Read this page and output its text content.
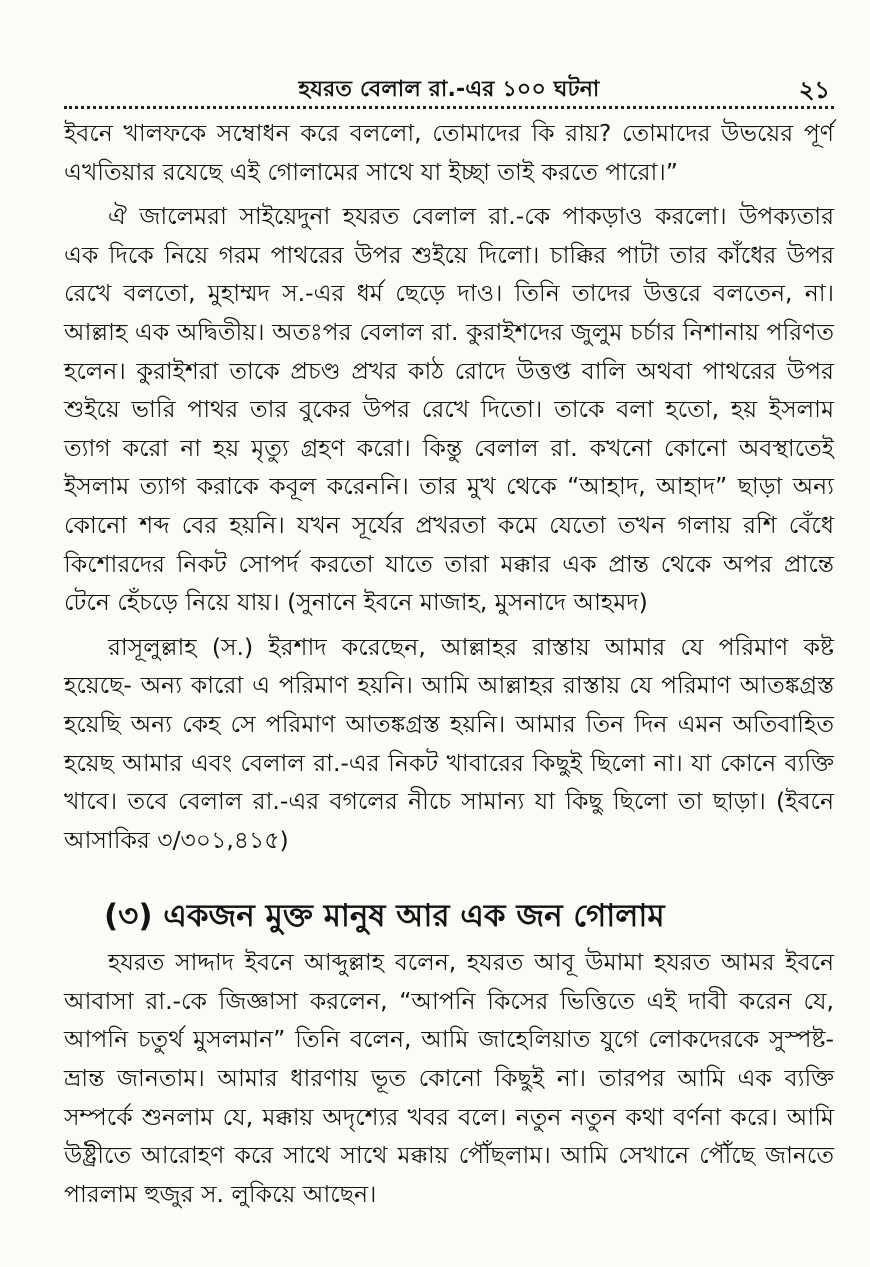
হযরত বেলাল রা.-এর ১০০ ঘটনা	২১

ইবনে খালফকে সম্বোধন করে বললো, তোমাদের কি রায়? তোমাদের উভয়ের পূর্ণ এখতিয়ার রযেছে এই গোলামের সাথে যা ইচ্ছা তাই করতে পারো।”

ঐ জালেমরা সাইয়েদুনা হযরত বেলাল রা.-কে পাকড়াও করলো। উপক্যতার এক দিকে নিয়ে গরম পাথরের উপর শুইয়ে দিলো। চাক্কির পাটা তার কাঁধের উপর রেখে বলতো, মুহাম্মদ স.-এর ধর্ম ছেড়ে দাও। তিনি তাদের উত্তরে বলতেন, না। আল্লাহ এক অদ্বিতীয়। অতঃপর বেলাল রা. কুরাইশদের জুলুম চর্চার নিশানায় পরিণত হলেন। কুরাইশরা তাকে প্রচণ্ড প্রখর কাঠ রোদে উত্তপ্ত বালি অথবা পাথরের উপর শুইয়ে ভারি পাথর তার বুকের উপর রেখে দিতো। তাকে বলা হতো, হয় ইসলাম ত্যাগ করো না হয় মৃত্যু গ্রহণ করো। কিন্তু বেলাল রা. কখনো কোনো অবস্থাতেই ইসলাম ত্যাগ করাকে কবূল করেননি। তার মুখ থেকে “আহাদ, আহাদ” ছাড়া অন্য কোনো শব্দ বের হয়নি। যখন সূর্যের প্রখরতা কমে যেতো তখন গলায় রশি বেঁধে কিশোরদের নিকট সোপর্দ করতো যাতে তারা মক্কার এক প্রান্ত থেকে অপর প্রান্তে টেনে হেঁচড়ে নিয়ে যায়। (সুনানে ইবনে মাজাহ, মুসনাদে আহমদ)

রাসূলুল্লাহ (স.) ইরশাদ করেছেন, আল্লাহর রাস্তায় আমার যে পরিমাণ কষ্ট হয়েছে- অন্য কারো এ পরিমাণ হয়নি। আমি আল্লাহর রাস্তায় যে পরিমাণ আতঙ্কগ্রস্ত হয়েছি অন্য কেহ সে পরিমাণ আতঙ্কগ্রস্ত হয়নি। আমার তিন দিন এমন অতিবাহিত হয়েছ আমার এবং বেলাল রা.-এর নিকট খাবারের কিছুই ছিলো না। যা কোনে ব্যক্তি খাবে। তবে বেলাল রা.-এর বগলের নীচে সামান্য যা কিছু ছিলো তা ছাড়া। (ইবনে আসাকির ৩/৩০১,৪১৫)

(৩) একজন মুক্ত মানুষ আর এক জন গোলাম

হযরত সাদ্দাদ ইবনে আব্দুল্লাহ বলেন, হযরত আবূ উমামা হযরত আমর ইবনে আবাসা রা.-কে জিজ্ঞাসা করলেন, “আপনি কিসের ভিত্তিতে এই দাবী করেন যে, আপনি চতুর্থ মুসলমান” তিনি বলেন, আমি জাহেলিয়াত যুগে লোকদেরকে সুস্পষ্ট-ভ্রান্ত জানতাম। আমার ধারণায় ভূত কোনো কিছুই না। তারপর আমি এক ব্যক্তি সম্পর্কে শুনলাম যে, মক্কায় অদৃশ্যের খবর বলে। নতুন নতুন কথা বর্ণনা করে। আমি উষ্ট্রীতে আরোহণ করে সাথে সাথে মক্কায় পৌঁছলাম। আমি সেখানে পৌঁছে জানতে পারলাম হুজুর স. লুকিয়ে আছেন।
